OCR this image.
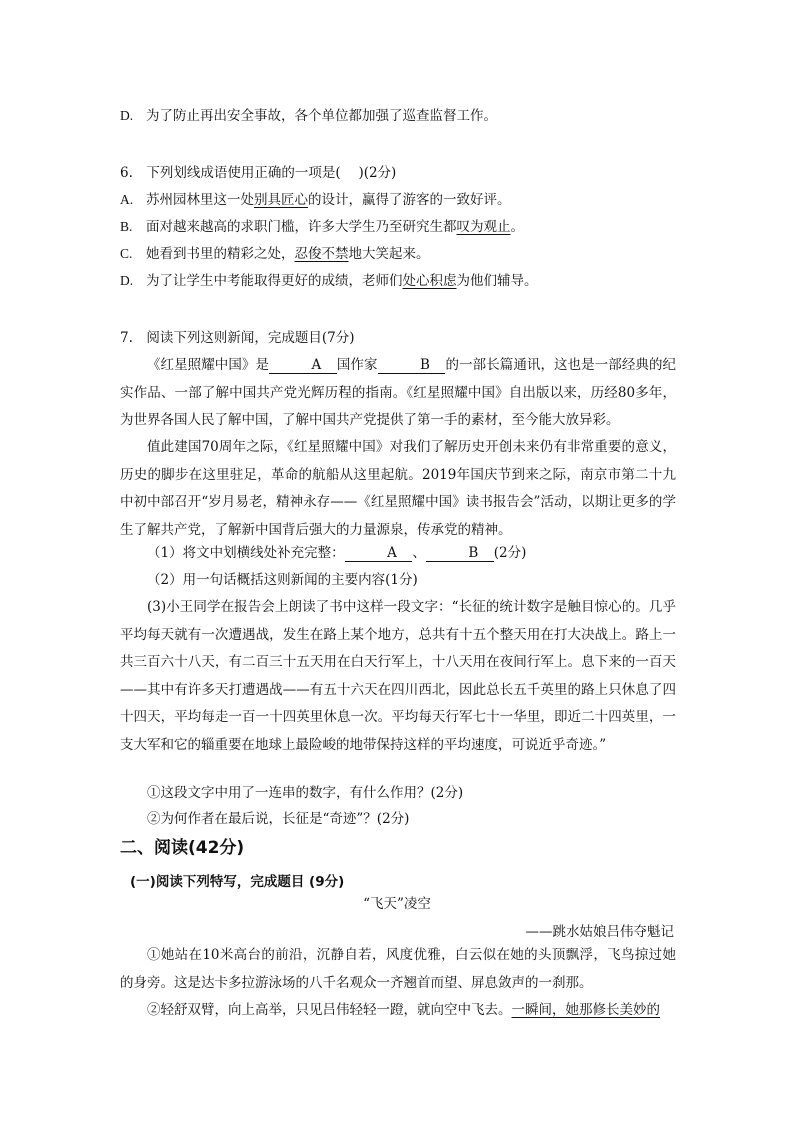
D. 为了防止再出安全事故，各个单位都加强了巡查监督工作。
6.　下列划线成语使用正确的一项是(　 )(2分)
A. 苏州园林里这一处别具匠心的设计，赢得了游客的一致好评。
B. 面对越来越高的求职门槛，许多大学生乃至研究生都叹为观止。
C. 她看到书里的精彩之处，忍俊不禁地大笑起来。
D. 为了让学生中考能取得更好的成绩，老师们处心积虑为他们辅导。
7.　阅读下列这则新闻，完成题目(7分)
《红星照耀中国》是　A　国作家　B　的一部长篇通讯，这也是一部经典的纪实作品、一部了解中国共产党光辉历程的指南。《红星照耀中国》自出版以来，历经80多年，为世界各国人民了解中国，了解中国共产党提供了第一手的素材，至今能大放异彩。
值此建国70周年之际，《红星照耀中国》对我们了解历史开创未来仍有非常重要的意义，历史的脚步在这里驻足，革命的航船从这里起航。2019年国庆节到来之际，南京市第二十九中初中部召开“岁月易老，精神永存——《红星照耀中国》读书报告会”活动，以期让更多的学生了解共产党，了解新中国背后强大的力量源泉，传承党的精神。
（1）将文中划横线处补充完整：　A　、　B　(2分)
（2）用一句话概括这则新闻的主要内容(1分)
(3)小王同学在报告会上朗读了书中这样一段文字：“长征的统计数字是触目惊心的。几乎平均每天就有一次遭遇战，发生在路上某个地方，总共有十五个整天用在打大决战上。路上一共三百六十八天，有二百三十五天用在白天行军上，十八天用在夜间行军上。息下来的一百天——其中有许多天打遭遇战——有五十六天在四川西北，因此总长五千英里的路上只休息了四十四天，平均每走一百一十四英里休息一次。平均每天行军七十一华里，即近二十四英里，一支大军和它的辎重要在地球上最险峻的地带保持这样的平均速度，可说近乎奇迹。”
①这段文字中用了一连串的数字，有什么作用？(2分)
②为何作者在最后说，长征是“奇迹”？(2分)
二、阅读(42分)
(一)阅读下列特写，完成题目 (9分)
“飞天”凌空
——跳水姑娘吕伟夺魁记
①她站在10米高台的前沿，沉静自若，风度优雅，白云似在她的头顶飘浮，飞鸟掠过她的身旁。这是达卡多拉游泳场的八千名观众一齐翘首而望、屏息敛声的一刹那。
②轻舒双臂，向上高举，只见吕伟轻轻一蹬，就向空中飞去。一瞬间，她那修长美妙的
